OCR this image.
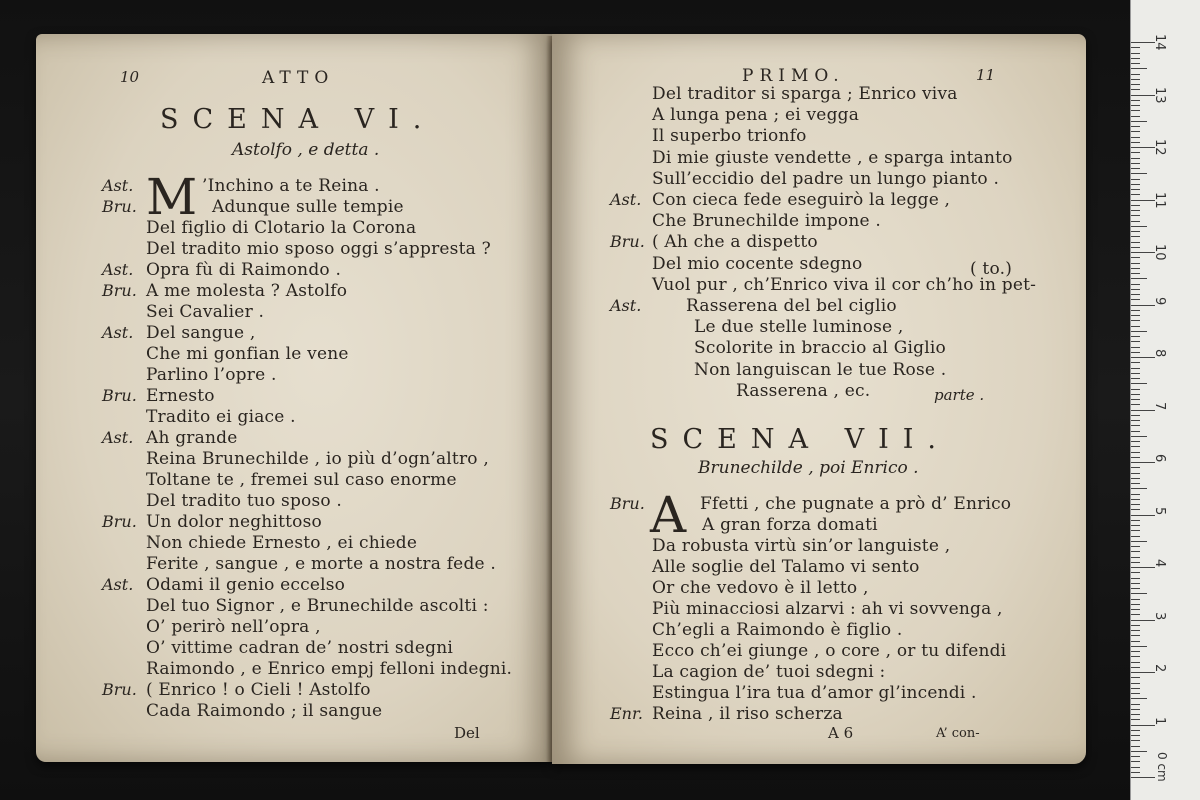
10	ATTO
SCENA VI.
Astolfo , e detta .
M
Ast.	’Inchino a te Reina .
Bru.	Adunque sulle tempie
Del figlio di Clotario la Corona
Del tradito mio sposo oggi s’appresta ?
Ast. Opra fù di Raimondo .
Bru. A me molesta ? Astolfo
Sei Cavalier .
Ast. Del sangue ,
Che mi gonfian le vene
Parlino l’opre .
Bru. Ernesto
Tradito ei giace .
Ast. Ah grande
Reina Brunechilde , io più d’ogn’altro ,
Toltane te , fremei sul caso enorme
Del tradito tuo sposo .
Bru. Un dolor neghittoso
Non chiede Ernesto , ei chiede
Ferite , sangue , e morte a nostra fede .
Ast. Odami il genio eccelso
Del tuo Signor , e Brunechilde ascolti :
O’ perirò nell’opra ,
O’ vittime cadran de’ nostri sdegni
Raimondo , e Enrico empj felloni indegni.
Bru. ( Enrico ! o Cieli ! Astolfo
Cada Raimondo ; il sangue
Del
PRIMO.	11
Del traditor si sparga ; Enrico viva
A lunga pena ; ei vegga
Il superbo trionfo
Di mie giuste vendette , e sparga intanto
Sull’eccidio del padre un lungo pianto .
Ast. Con cieca fede eseguirò la legge ,
Che Brunechilde impone .
Bru. ( Ah che a dispetto
Del mio cocente sdegno
Vuol pur , ch’Enrico viva il cor ch’ho in pet-
Ast.	Rasserena del bel ciglio
Le due stelle luminose ,
Scolorite in braccio al Giglio
Non languiscan le tue Rose .
Rasserena , ec.
( to.)
parte .
SCENA VII.
Brunechilde , poi Enrico .
A
Bru.	Ffetti , che pugnate a prò d’ Enrico
A gran forza domati
Da robusta virtù sin’or languiste ,
Alle soglie del Talamo vi sento
Or che vedovo è il letto ,
Più minacciosi alzarvi : ah vi sovvenga ,
Ch’egli a Raimondo è figlio .
Ecco ch’ei giunge , o core , or tu difendi
La cagion de’ tuoi sdegni :
Estingua l’ira tua d’amor gl’incendi .
Enr. Reina , il riso scherza
A 6	A’ con-
14
13
12
11
10
9
8
7
6
5
4
3
2
1
0 cm
